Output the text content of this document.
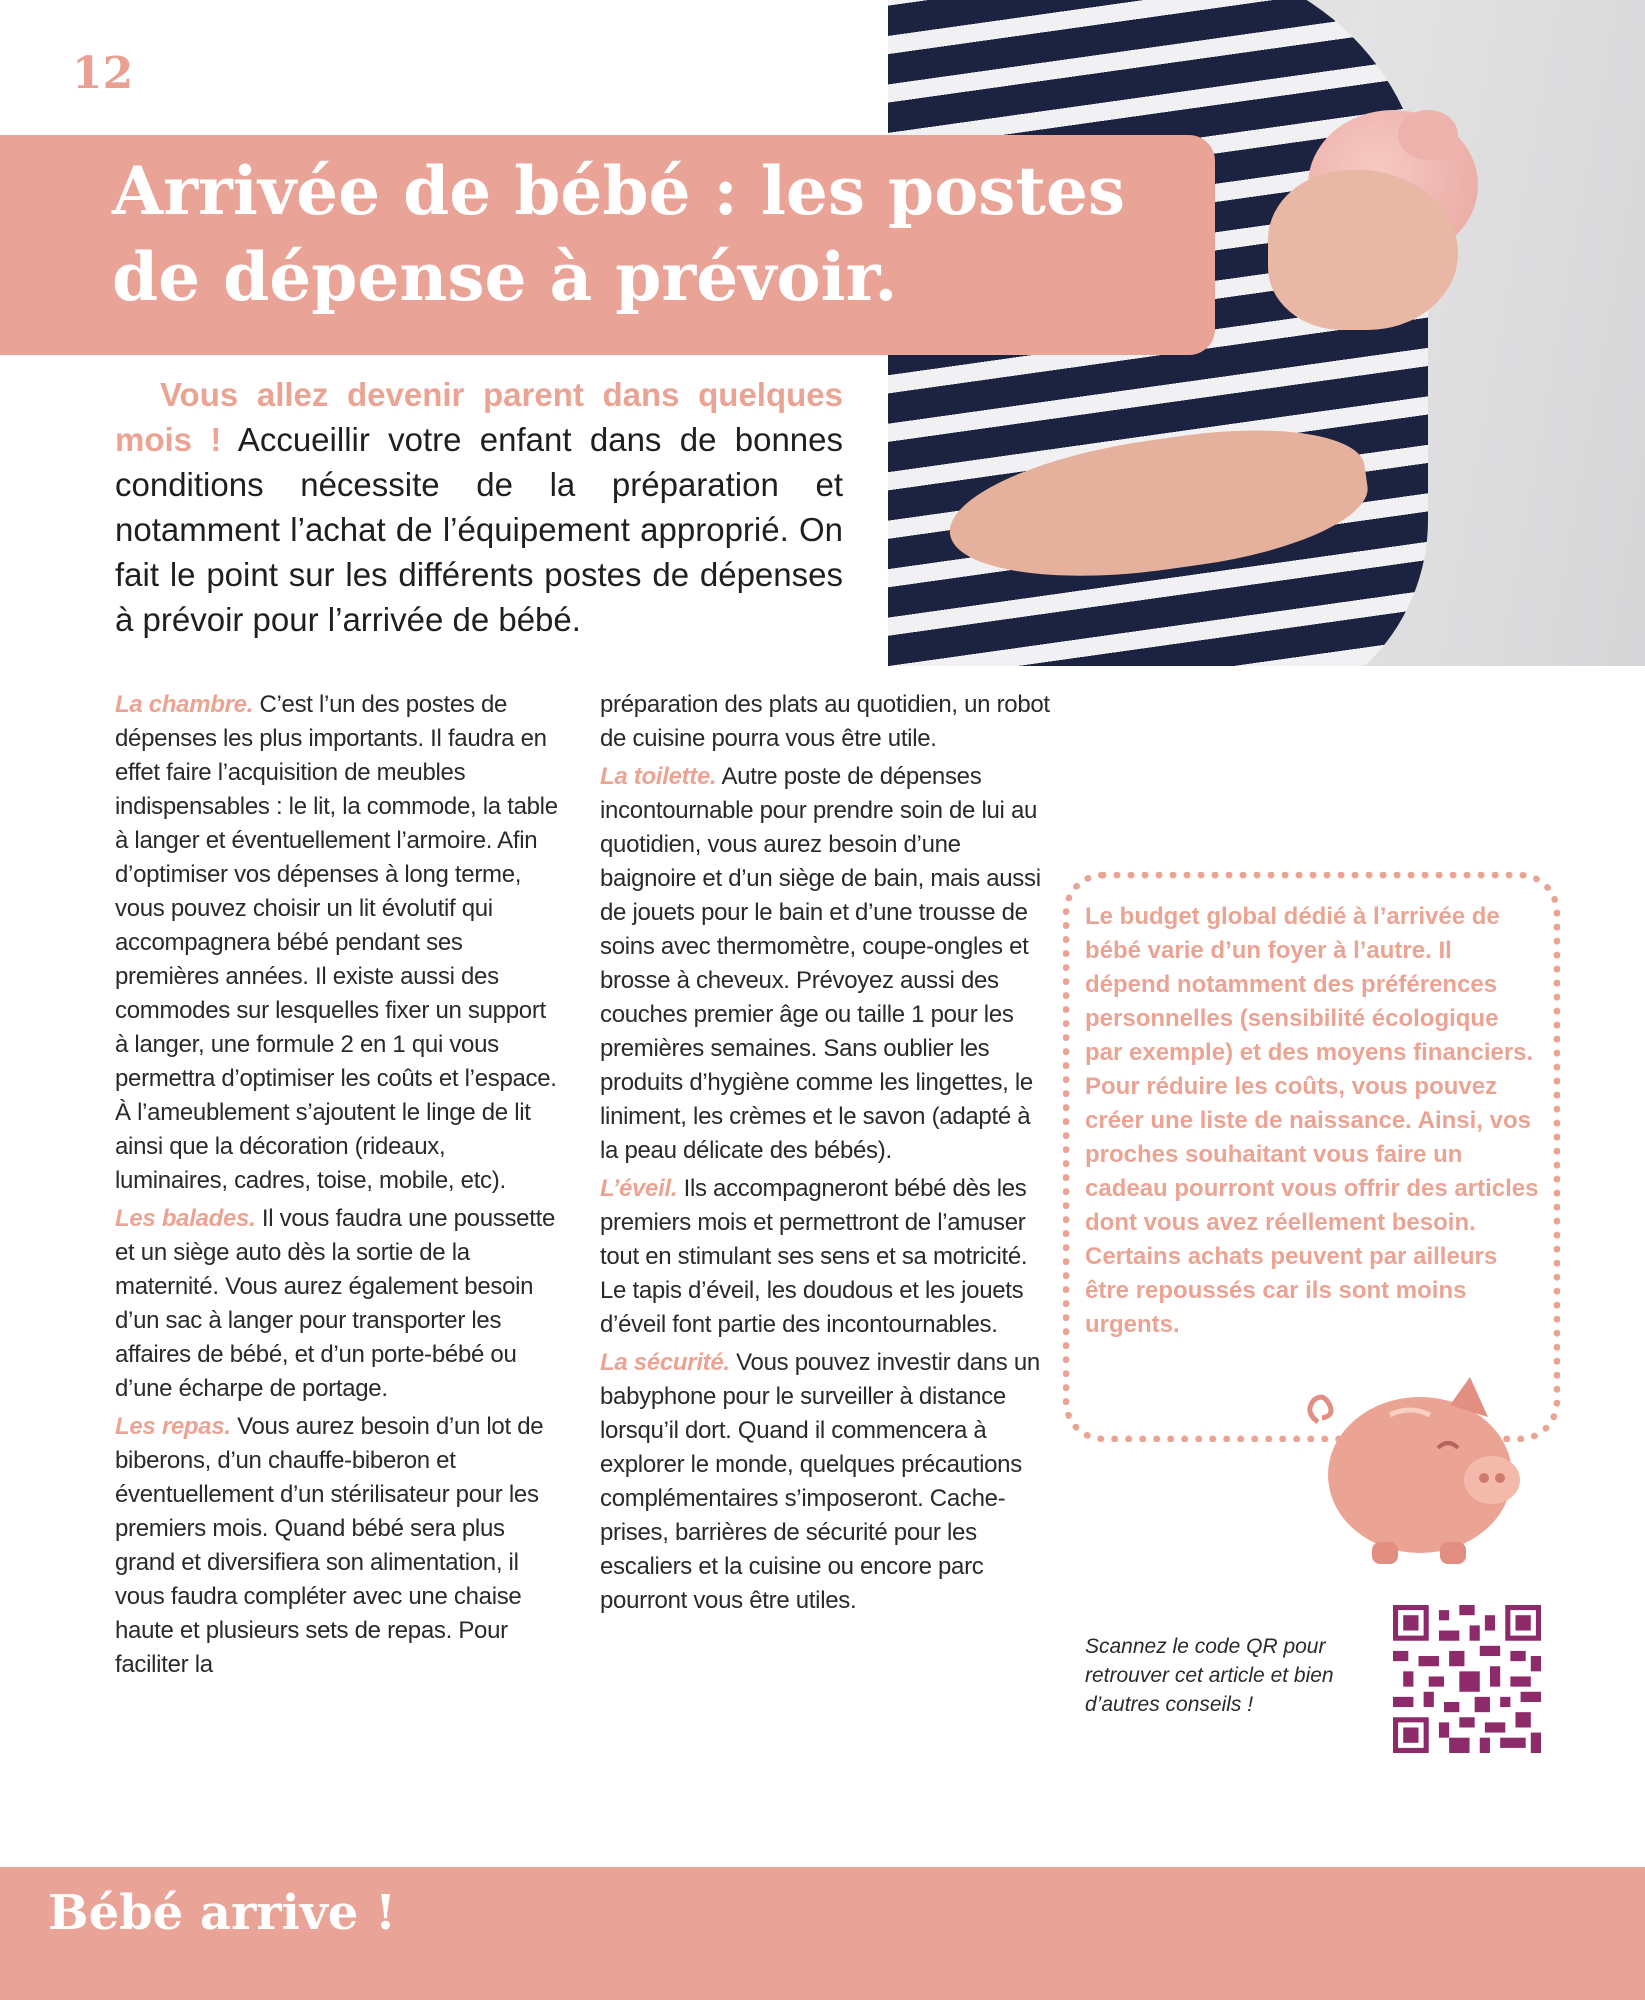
12
Arrivée de bébé : les postes de dépense à prévoir.

Vous allez devenir parent dans quelques mois ! Accueillir votre enfant dans de bonnes conditions nécessite de la préparation et notamment l’achat de l’équipement approprié. On fait le point sur les différents postes de dépenses à prévoir pour l’arrivée de bébé.

La chambre. C’est l’un des postes de dépenses les plus importants. Il faudra en effet faire l’acquisition de meubles indispensables : le lit, la commode, la table à langer et éventuellement l’armoire. Afin d’optimiser vos dépenses à long terme, vous pouvez choisir un lit évolutif qui accompagnera bébé pendant ses premières années. Il existe aussi des commodes sur lesquelles fixer un support à langer, une formule 2 en 1 qui vous permettra d’optimiser les coûts et l’espace. À l’ameublement s’ajoutent le linge de lit ainsi que la décoration (rideaux, luminaires, cadres, toise, mobile, etc).

Les balades. Il vous faudra une poussette et un siège auto dès la sortie de la maternité. Vous aurez également besoin d’un sac à langer pour transporter les affaires de bébé, et d’un porte-bébé ou d’une écharpe de portage.

Les repas. Vous aurez besoin d’un lot de biberons, d’un chauffe-biberon et éventuellement d’un stérilisateur pour les premiers mois. Quand bébé sera plus grand et diversifiera son alimentation, il vous faudra compléter avec une chaise haute et plusieurs sets de repas. Pour faciliter la

préparation des plats au quotidien, un robot de cuisine pourra vous être utile.

La toilette. Autre poste de dépenses incontournable pour prendre soin de lui au quotidien, vous aurez besoin d’une baignoire et d’un siège de bain, mais aussi de jouets pour le bain et d’une trousse de soins avec thermomètre, coupe-ongles et brosse à cheveux. Prévoyez aussi des couches premier âge ou taille 1 pour les premières semaines. Sans oublier les produits d’hygiène comme les lingettes, le liniment, les crèmes et le savon (adapté à la peau délicate des bébés).

L’éveil. Ils accompagneront bébé dès les premiers mois et permettront de l’amuser tout en stimulant ses sens et sa motricité. Le tapis d’éveil, les doudous et les jouets d’éveil font partie des incontournables.

La sécurité. Vous pouvez investir dans un babyphone pour le surveiller à distance lorsqu’il dort. Quand il commencera à explorer le monde, quelques précautions complémentaires s’imposeront. Cache-prises, barrières de sécurité pour les escaliers et la cuisine ou encore parc pourront vous être utiles.

Le budget global dédié à l’arrivée de bébé varie d’un foyer à l’autre. Il dépend notamment des préférences personnelles (sensibilité écologique par exemple) et des moyens financiers. Pour réduire les coûts, vous pouvez créer une liste de naissance. Ainsi, vos proches souhaitant vous faire un cadeau pourront vous offrir des articles dont vous avez réellement besoin. Certains achats peuvent par ailleurs être repoussés car ils sont moins urgents.

Scannez le code QR pour retrouver cet article et bien d’autres conseils !

Bébé arrive !
